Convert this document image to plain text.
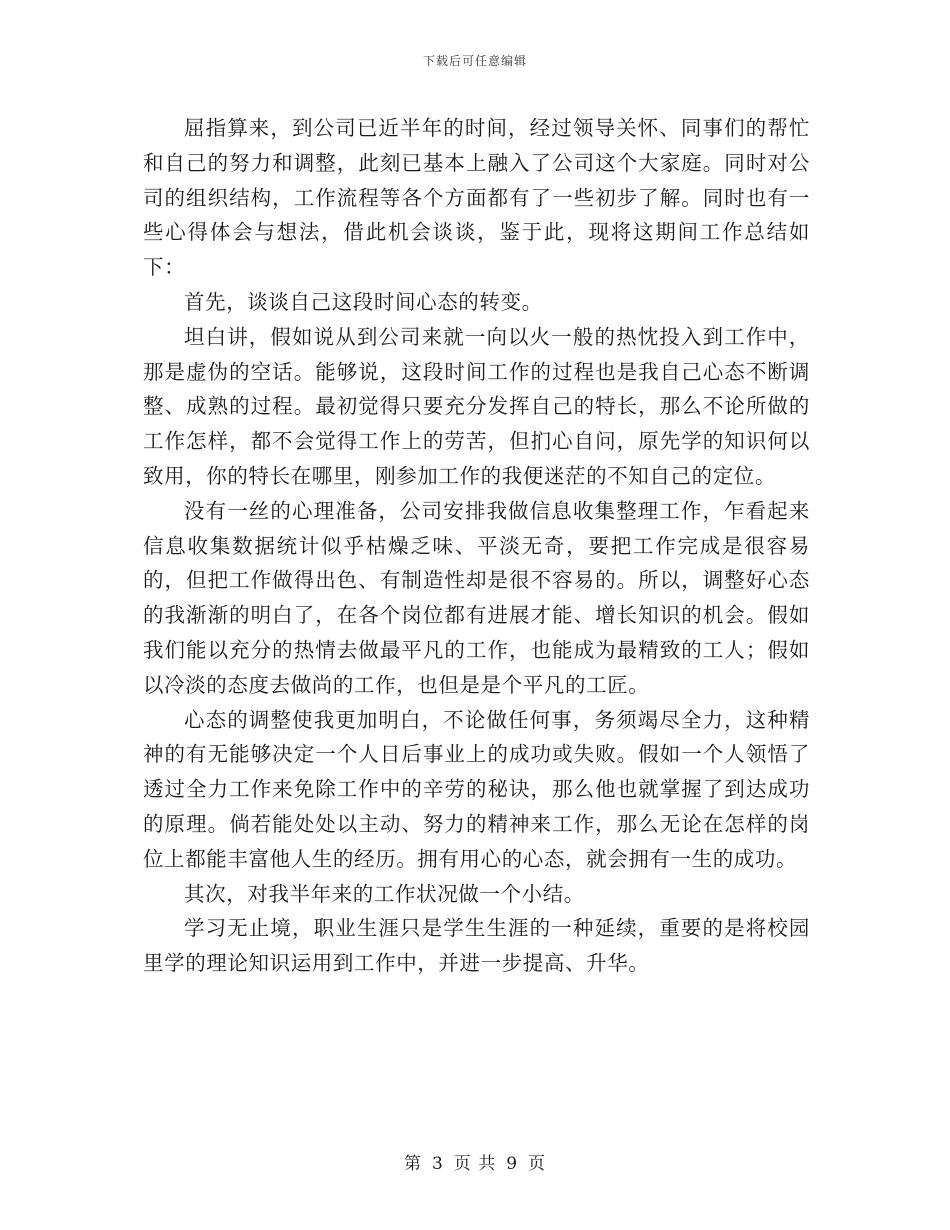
下载后可任意编辑

屈指算来，到公司已近半年的时间，经过领导关怀、同事们的帮忙和自己的努力和调整，此刻已基本上融入了公司这个大家庭。同时对公司的组织结构，工作流程等各个方面都有了一些初步了解。同时也有一些心得体会与想法，借此机会谈谈，鉴于此，现将这期间工作总结如下：

首先，谈谈自己这段时间心态的转变。

坦白讲，假如说从到公司来就一向以火一般的热忱投入到工作中，那是虚伪的空话。能够说，这段时间工作的过程也是我自己心态不断调整、成熟的过程。最初觉得只要充分发挥自己的特长，那么不论所做的工作怎样，都不会觉得工作上的劳苦，但扪心自问，原先学的知识何以致用，你的特长在哪里，刚参加工作的我便迷茫的不知自己的定位。

没有一丝的心理准备，公司安排我做信息收集整理工作，乍看起来信息收集数据统计似乎枯燥乏味、平淡无奇，要把工作完成是很容易的，但把工作做得出色、有制造性却是很不容易的。所以，调整好心态的我渐渐的明白了，在各个岗位都有进展才能、增长知识的机会。假如我们能以充分的热情去做最平凡的工作，也能成为最精致的工人；假如以冷淡的态度去做尚的工作，也但是是个平凡的工匠。

心态的调整使我更加明白，不论做任何事，务须竭尽全力，这种精神的有无能够决定一个人日后事业上的成功或失败。假如一个人领悟了透过全力工作来免除工作中的辛劳的秘诀，那么他也就掌握了到达成功的原理。倘若能处处以主动、努力的精神来工作，那么无论在怎样的岗位上都能丰富他人生的经历。拥有用心的心态，就会拥有一生的成功。

其次，对我半年来的工作状况做一个小结。

学习无止境，职业生涯只是学生生涯的一种延续，重要的是将校园里学的理论知识运用到工作中，并进一步提高、升华。

第 3 页 共 9 页
